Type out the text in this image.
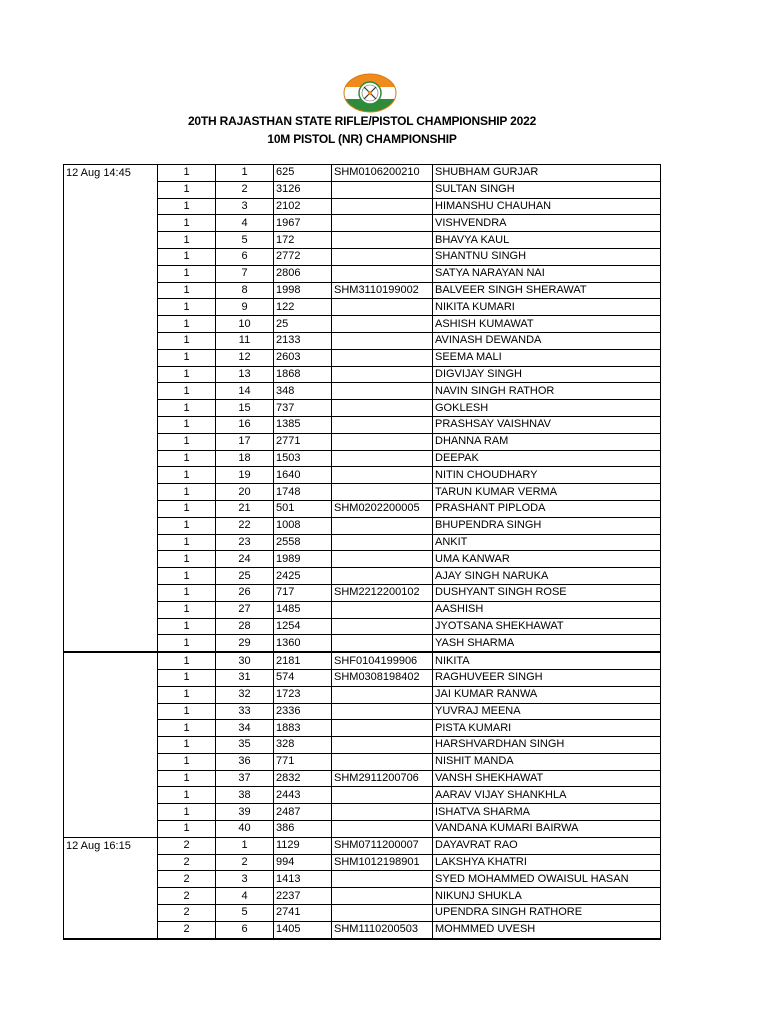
20TH RAJASTHAN STATE RIFLE/PISTOL CHAMPIONSHIP 2022
10M PISTOL (NR) CHAMPIONSHIP
12 Aug 14:45	1	1	625	SHM0106200210	SHUBHAM GURJAR
	1	2	3126		SULTAN SINGH
	1	3	2102		HIMANSHU CHAUHAN
	1	4	1967		VISHVENDRA
	1	5	172		BHAVYA KAUL
	1	6	2772		SHANTNU SINGH
	1	7	2806		SATYA NARAYAN NAI
	1	8	1998	SHM3110199002	BALVEER SINGH SHERAWAT
	1	9	122		NIKITA KUMARI
	1	10	25		ASHISH KUMAWAT
	1	11	2133		AVINASH DEWANDA
	1	12	2603		SEEMA MALI
	1	13	1868		DIGVIJAY SINGH
	1	14	348		NAVIN SINGH RATHOR
	1	15	737		GOKLESH
	1	16	1385		PRASHSAY VAISHNAV
	1	17	2771		DHANNA RAM
	1	18	1503		DEEPAK
	1	19	1640		NITIN CHOUDHARY
	1	20	1748		TARUN KUMAR VERMA
	1	21	501	SHM0202200005	PRASHANT PIPLODA
	1	22	1008		BHUPENDRA SINGH
	1	23	2558		ANKIT
	1	24	1989		UMA KANWAR
	1	25	2425		AJAY SINGH NARUKA
	1	26	717	SHM2212200102	DUSHYANT SINGH ROSE
	1	27	1485		AASHISH
	1	28	1254		JYOTSANA SHEKHAWAT
	1	29	1360		YASH SHARMA
	1	30	2181	SHF0104199906	NIKITA
	1	31	574	SHM0308198402	RAGHUVEER SINGH
	1	32	1723		JAI KUMAR RANWA
	1	33	2336		YUVRAJ MEENA
	1	34	1883		PISTA KUMARI
	1	35	328		HARSHVARDHAN SINGH
	1	36	771		NISHIT MANDA
	1	37	2832	SHM2911200706	VANSH SHEKHAWAT
	1	38	2443		AARAV VIJAY SHANKHLA
	1	39	2487		ISHATVA SHARMA
	1	40	386		VANDANA KUMARI BAIRWA
12 Aug 16:15	2	1	1129	SHM0711200007	DAYAVRAT RAO
	2	2	994	SHM1012198901	LAKSHYA KHATRI
	2	3	1413		SYED MOHAMMED OWAISUL HASAN
	2	4	2237		NIKUNJ SHUKLA
	2	5	2741		UPENDRA SINGH RATHORE
	2	6	1405	SHM1110200503	MOHMMED UVESH
